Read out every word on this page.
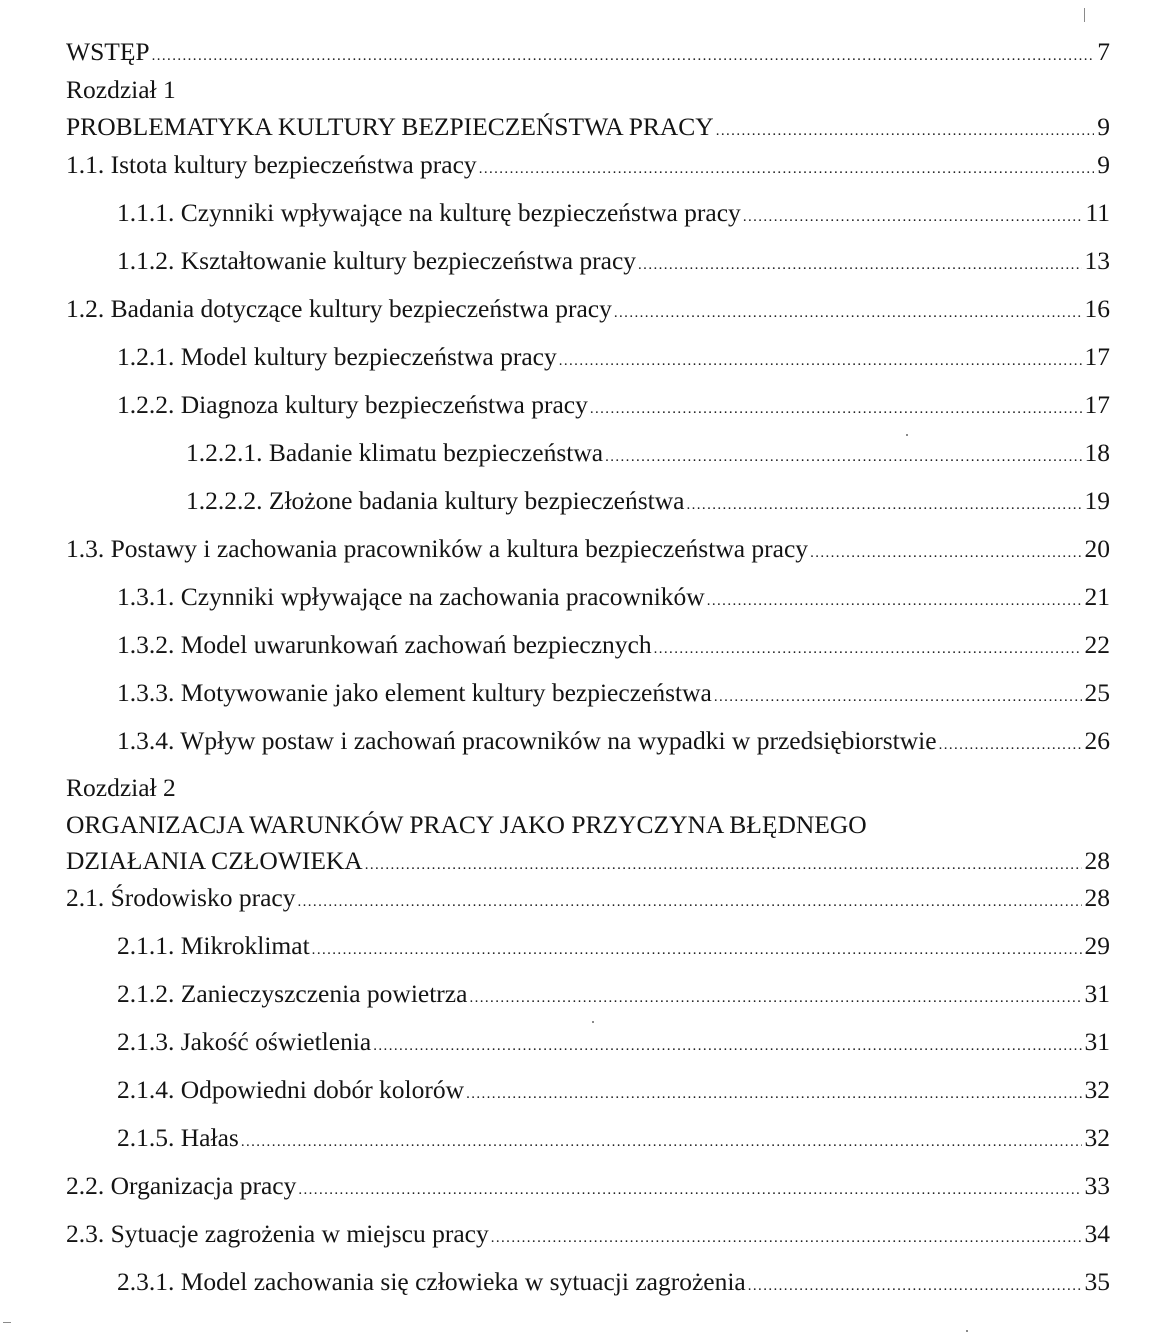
WSTĘP .....	7
Rozdział 1
PROBLEMATYKA KULTURY BEZPIECZEŃSTWA PRACY .....	9
1.1. Istota kultury bezpieczeństwa pracy .....	9
1.1.1. Czynniki wpływające na kulturę bezpieczeństwa pracy .....	11
1.1.2. Kształtowanie kultury bezpieczeństwa pracy .....	13
1.2. Badania dotyczące kultury bezpieczeństwa pracy .....	16
1.2.1. Model kultury bezpieczeństwa pracy .....	17
1.2.2. Diagnoza kultury bezpieczeństwa pracy .....	17
1.2.2.1. Badanie klimatu bezpieczeństwa .....	18
1.2.2.2. Złożone badania kultury bezpieczeństwa .....	19
1.3. Postawy i zachowania pracowników a kultura bezpieczeństwa pracy .....	20
1.3.1. Czynniki wpływające na zachowania pracowników .....	21
1.3.2. Model uwarunkowań zachowań bezpiecznych .....	22
1.3.3. Motywowanie jako element kultury bezpieczeństwa .....	25
1.3.4. Wpływ postaw i zachowań pracowników na wypadki w przedsiębiorstwie .....	26
Rozdział 2
ORGANIZACJA WARUNKÓW PRACY JAKO PRZYCZYNA BŁĘDNEGO
DZIAŁANIA CZŁOWIEKA .....	28
2.1. Środowisko pracy .....	28
2.1.1. Mikroklimat .....	29
2.1.2. Zanieczyszczenia powietrza .....	31
2.1.3. Jakość oświetlenia .....	31
2.1.4. Odpowiedni dobór kolorów .....	32
2.1.5. Hałas .....	32
2.2. Organizacja pracy .....	33
2.3. Sytuacje zagrożenia w miejscu pracy .....	34
2.3.1. Model zachowania się człowieka w sytuacji zagrożenia .....	35
